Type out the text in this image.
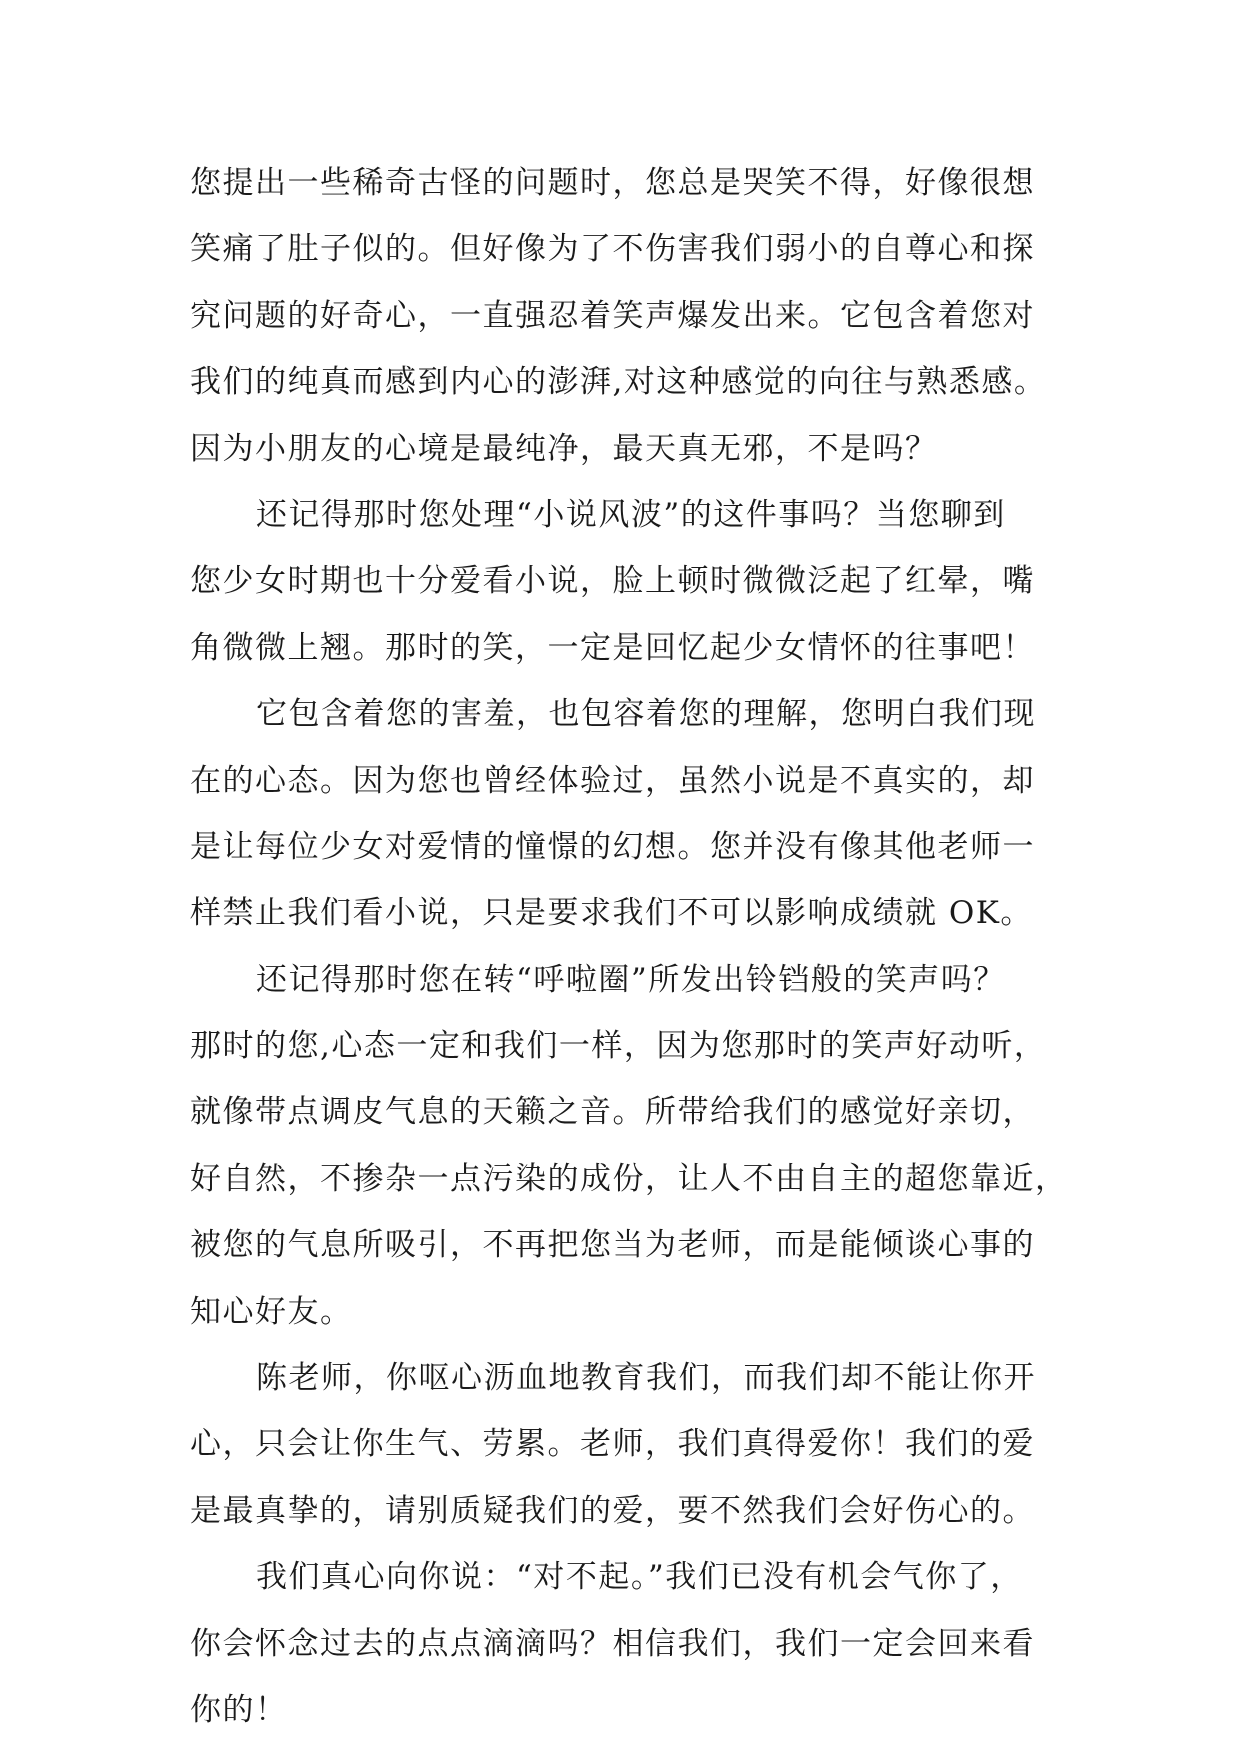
您提出一些稀奇古怪的问题时，您总是哭笑不得，好像很想
笑痛了肚子似的。但好像为了不伤害我们弱小的自尊心和探
究问题的好奇心，一直强忍着笑声爆发出来。它包含着您对
我们的纯真而感到内心的澎湃,对这种感觉的向往与熟悉感。
因为小朋友的心境是最纯净，最天真无邪，不是吗？
还记得那时您处理“小说风波”的这件事吗？当您聊到
您少女时期也十分爱看小说，脸上顿时微微泛起了红晕，嘴
角微微上翘。那时的笑，一定是回忆起少女情怀的往事吧！
它包含着您的害羞，也包容着您的理解，您明白我们现
在的心态。因为您也曾经体验过，虽然小说是不真实的，却
是让每位少女对爱情的憧憬的幻想。您并没有像其他老师一
样禁止我们看小说，只是要求我们不可以影响成绩就 OK。
还记得那时您在转“呼啦圈”所发出铃铛般的笑声吗？
那时的您,心态一定和我们一样，因为您那时的笑声好动听，
就像带点调皮气息的天籁之音。所带给我们的感觉好亲切，
好自然，不掺杂一点污染的成份，让人不由自主的超您靠近，
被您的气息所吸引，不再把您当为老师，而是能倾谈心事的
知心好友。
陈老师，你呕心沥血地教育我们，而我们却不能让你开
心，只会让你生气、劳累。老师，我们真得爱你！我们的爱
是最真挚的，请别质疑我们的爱，要不然我们会好伤心的。
我们真心向你说：“对不起。”我们已没有机会气你了，
你会怀念过去的点点滴滴吗？相信我们，我们一定会回来看
你的！
